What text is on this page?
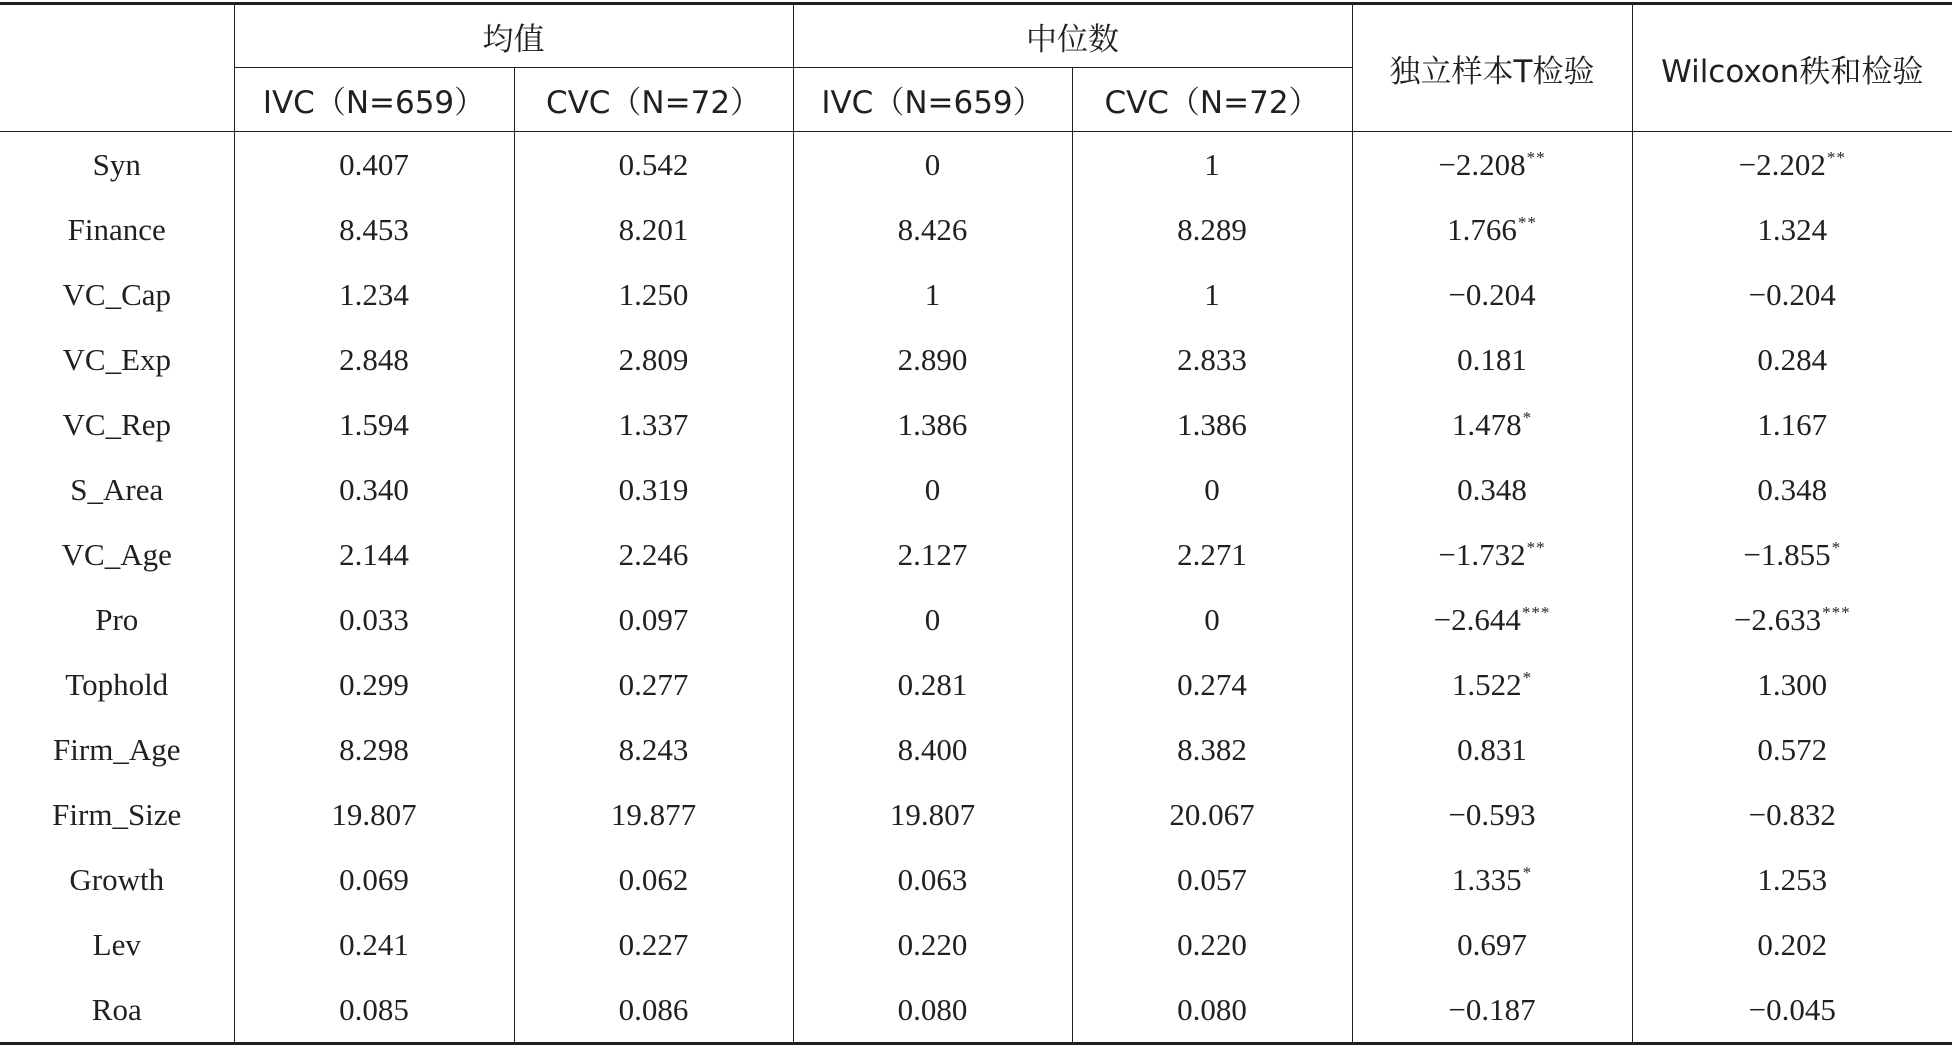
	均值		中位数		独立样本T检验	Wilcoxon秩和检验
	IVC（N=659）	CVC（N=72）	IVC（N=659）	CVC（N=72）		
Syn	0.407	0.542	0	1	−2.208**	−2.202**
Finance	8.453	8.201	8.426	8.289	1.766**	1.324
VC_Cap	1.234	1.250	1	1	−0.204	−0.204
VC_Exp	2.848	2.809	2.890	2.833	0.181	0.284
VC_Rep	1.594	1.337	1.386	1.386	1.478*	1.167
S_Area	0.340	0.319	0	0	0.348	0.348
VC_Age	2.144	2.246	2.127	2.271	−1.732**	−1.855*
Pro	0.033	0.097	0	0	−2.644***	−2.633***
Tophold	0.299	0.277	0.281	0.274	1.522*	1.300
Firm_Age	8.298	8.243	8.400	8.382	0.831	0.572
Firm_Size	19.807	19.877	19.807	20.067	−0.593	−0.832
Growth	0.069	0.062	0.063	0.057	1.335*	1.253
Lev	0.241	0.227	0.220	0.220	0.697	0.202
Roa	0.085	0.086	0.080	0.080	−0.187	−0.045
